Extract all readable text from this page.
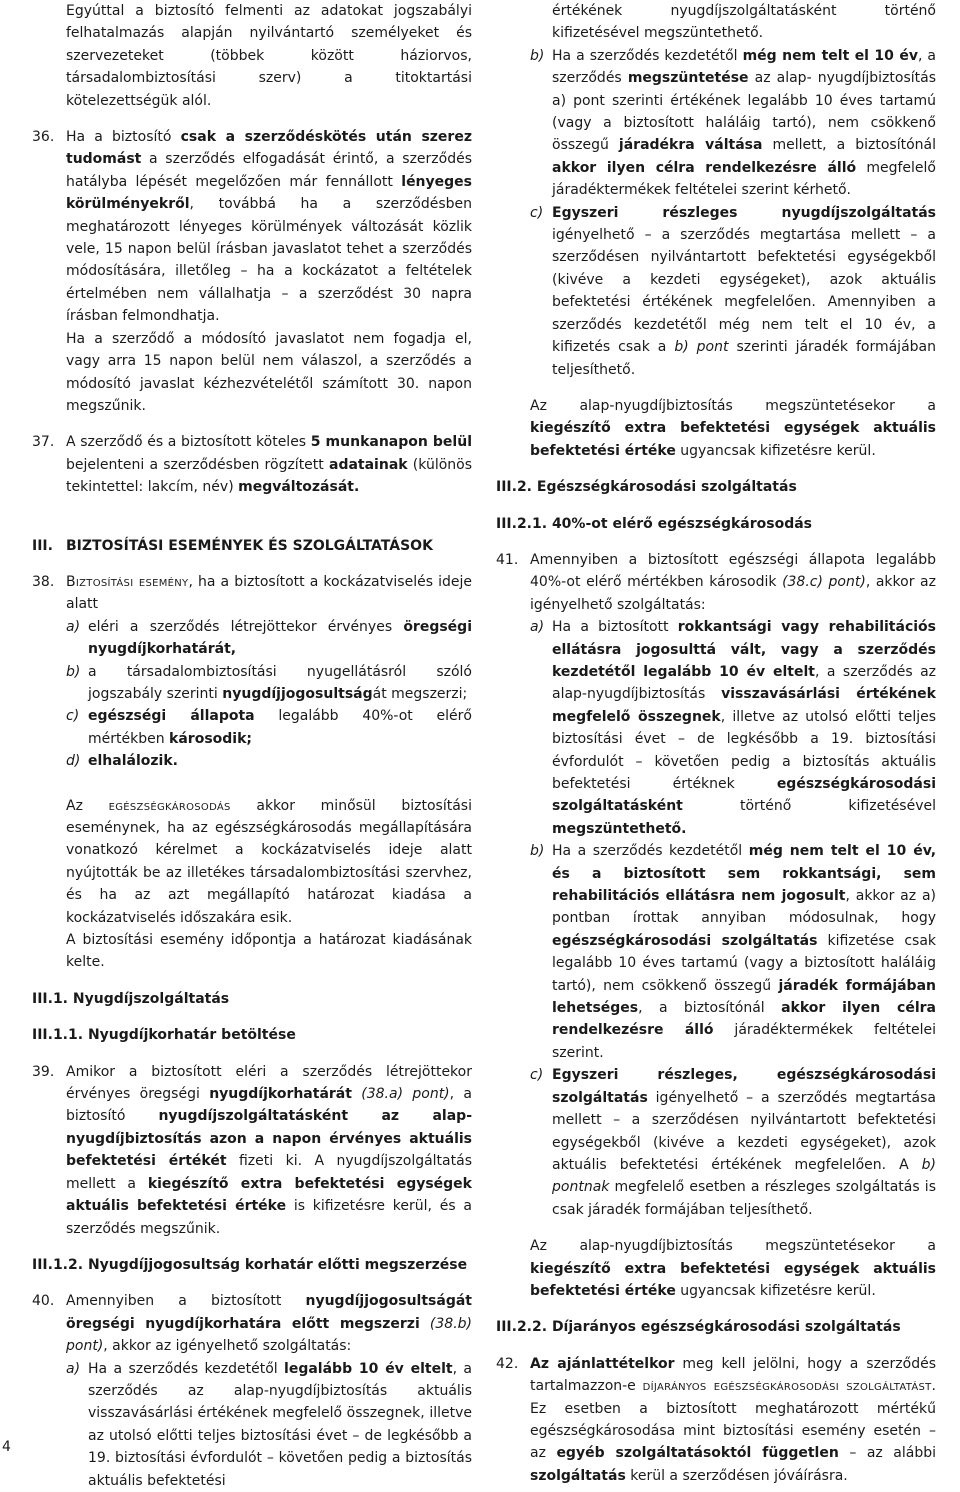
Egyúttal a biztosító felmenti az adatokat jogszabályi felhatalmazás alapján nyilvántartó személyeket és szervezeteket (többek között háziorvos, társadalombiztosítási szerv) a titoktartási kötelezettségük alól.

36. Ha a biztosító csak a szerződéskötés után szerez tudomást a szerződés elfogadását érintő, a szerződés hatályba lépését megelőzően már fennállott lényeges körülményekről, továbbá ha a szerződésben meghatározott lényeges körülmények változását közlik vele, 15 napon belül írásban javaslatot tehet a szerződés módosítására, illetőleg – ha a kockázatot a feltételek értelmében nem vállalhatja – a szerződést 30 napra írásban felmondhatja.

Ha a szerződő a módosító javaslatot nem fogadja el, vagy arra 15 napon belül nem válaszol, a szerződés a módosító javaslat kézhezvételétől számított 30. napon megszűnik.

37. A szerződő és a biztosított köteles 5 munkanapon belül bejelenteni a szerződésben rögzített adatainak (különös tekintettel: lakcím, név) megváltozását.

III. BIZTOSÍTÁSI ESEMÉNYEK ÉS SZOLGÁLTATÁSOK
38. Biztosítási esemény, ha a biztosított a kockázatviselés ideje alatt

a) eléri a szerződés létrejöttekor érvényes öregségi nyugdíjkorhatárát,
b) a társadalombiztosítási nyugellátásról szóló jogszabály szerinti nyugdíjjogosultságát megszerzi;
c) egészségi állapota legalább 40%-ot elérő mértékben károsodik;
d) elhalálozik.

Az egészségkárosodás akkor minősül biztosítási eseménynek, ha az egészségkárosodás megállapítására vonatkozó kérelmet a kockázatviselés ideje alatt nyújtották be az illetékes társadalombiztosítási szervhez, és ha az azt megállapító határozat kiadása a kockázatviselés időszakára esik.

A biztosítási esemény időpontja a határozat kiadásának kelte.

III.1. Nyugdíjszolgáltatás

III.1.1. Nyugdíjkorhatár betöltése

39. Amikor a biztosított eléri a szerződés létrejöttekor érvényes öregségi nyugdíjkorhatárát (38.a) pont), a biztosító nyugdíjszolgáltatásként az alap-nyugdíjbiztosítás azon a napon érvényes aktuális befektetési értékét fizeti ki. A nyugdíjszolgáltatás mellett a kiegészítő extra befektetési egységek aktuális befektetési értéke is kifizetésre kerül, és a szerződés megszűnik.

III.1.2. Nyugdíjjogosultság korhatár előtti megszerzése

40. Amennyiben a biztosított nyugdíjjogosultságát öregségi nyugdíjkorhatára előtt megszerzi (38.b) pont), akkor az igényelhető szolgáltatás:

a) Ha a szerződés kezdetétől legalább 10 év eltelt, a szerződés az alap-nyugdíjbiztosítás aktuális visszavásárlási értékének megfelelő összegnek, illetve az utolsó előtti teljes biztosítási évet – de legkésőbb a 19. biztosítási évfordulót – követően pedig a biztosítás aktuális befektetési

értékének nyugdíjszolgáltatásként történő kifizetésével megszüntethető.

b) Ha a szerződés kezdetétől még nem telt el 10 év, a szerződés megszüntetése az alap- nyugdíjbiztosítás a) pont szerinti értékének legalább 10 éves tartamú (vagy a biztosított haláláig tartó), nem csökkenő összegű járadékra váltása mellett, a biztosítónál akkor ilyen célra rendelkezésre álló megfelelő járadéktermékek feltételei szerint kérhető.
c) Egyszeri részleges nyugdíjszolgáltatás igényelhető – a szerződés megtartása mellett – a szerződésen nyilvántartott befektetési egységekből (kivéve a kezdeti egységeket), azok aktuális befektetési értékének megfelelően. Amennyiben a szerződés kezdetétől még nem telt el 10 év, a kifizetés csak a b) pont szerinti járadék formájában teljesíthető.

Az alap-nyugdíjbiztosítás megszüntetésekor a kiegészítő extra befektetési egységek aktuális befektetési értéke ugyancsak kifizetésre kerül.

III.2. Egészségkárosodási szolgáltatás

III.2.1. 40%-ot elérő egészségkárosodás

41. Amennyiben a biztosított egészségi állapota legalább 40%-ot elérő mértékben károsodik (38.c) pont), akkor az igényelhető szolgáltatás:

a) Ha a biztosított rokkantsági vagy rehabilitációs ellátásra jogosulttá vált, vagy a szerződés kezdetétől legalább 10 év eltelt, a szerződés az alap-nyugdíjbiztosítás visszavásárlási értékének megfelelő összegnek, illetve az utolsó előtti teljes biztosítási évet – de legkésőbb a 19. biztosítási évfordulót – követően pedig a biztosítás aktuális befektetési értéknek egészségkárosodási szolgáltatásként történő kifizetésével megszüntethető.
b) Ha a szerződés kezdetétől még nem telt el 10 év, és a biztosított sem rokkantsági, sem rehabilitációs ellátásra nem jogosult, akkor az a) pontban írottak annyiban módosulnak, hogy egészségkárosodási szolgáltatás kifizetése csak legalább 10 éves tartamú (vagy a biztosított haláláig tartó), nem csökkenő összegű járadék formájában lehetséges, a biztosítónál akkor ilyen célra rendelkezésre álló járadéktermékek feltételei szerint.
c) Egyszeri részleges, egészségkárosodási szolgáltatás igényelhető – a szerződés megtartása mellett – a szerződésen nyilvántartott befektetési egységekből (kivéve a kezdeti egységeket), azok aktuális befektetési értékének megfelelően. A b) pontnak megfelelő esetben a részleges szolgáltatás is csak járadék formájában teljesíthető.

Az alap-nyugdíjbiztosítás megszüntetésekor a kiegészítő extra befektetési egységek aktuális befektetési értéke ugyancsak kifizetésre kerül.

III.2.2. Díjarányos egészségkárosodási szolgáltatás

42. Az ajánlattételkor meg kell jelölni, hogy a szerződés tartalmazzon-e díjarányos egészségkárosodási szolgáltatást. Ez esetben a biztosított meghatározott mértékű egészségkárosodása mint biztosítási esemény esetén – az egyéb szolgáltatásoktól független – az alábbi szolgáltatás kerül a szerződésen jóváírásra.

4
